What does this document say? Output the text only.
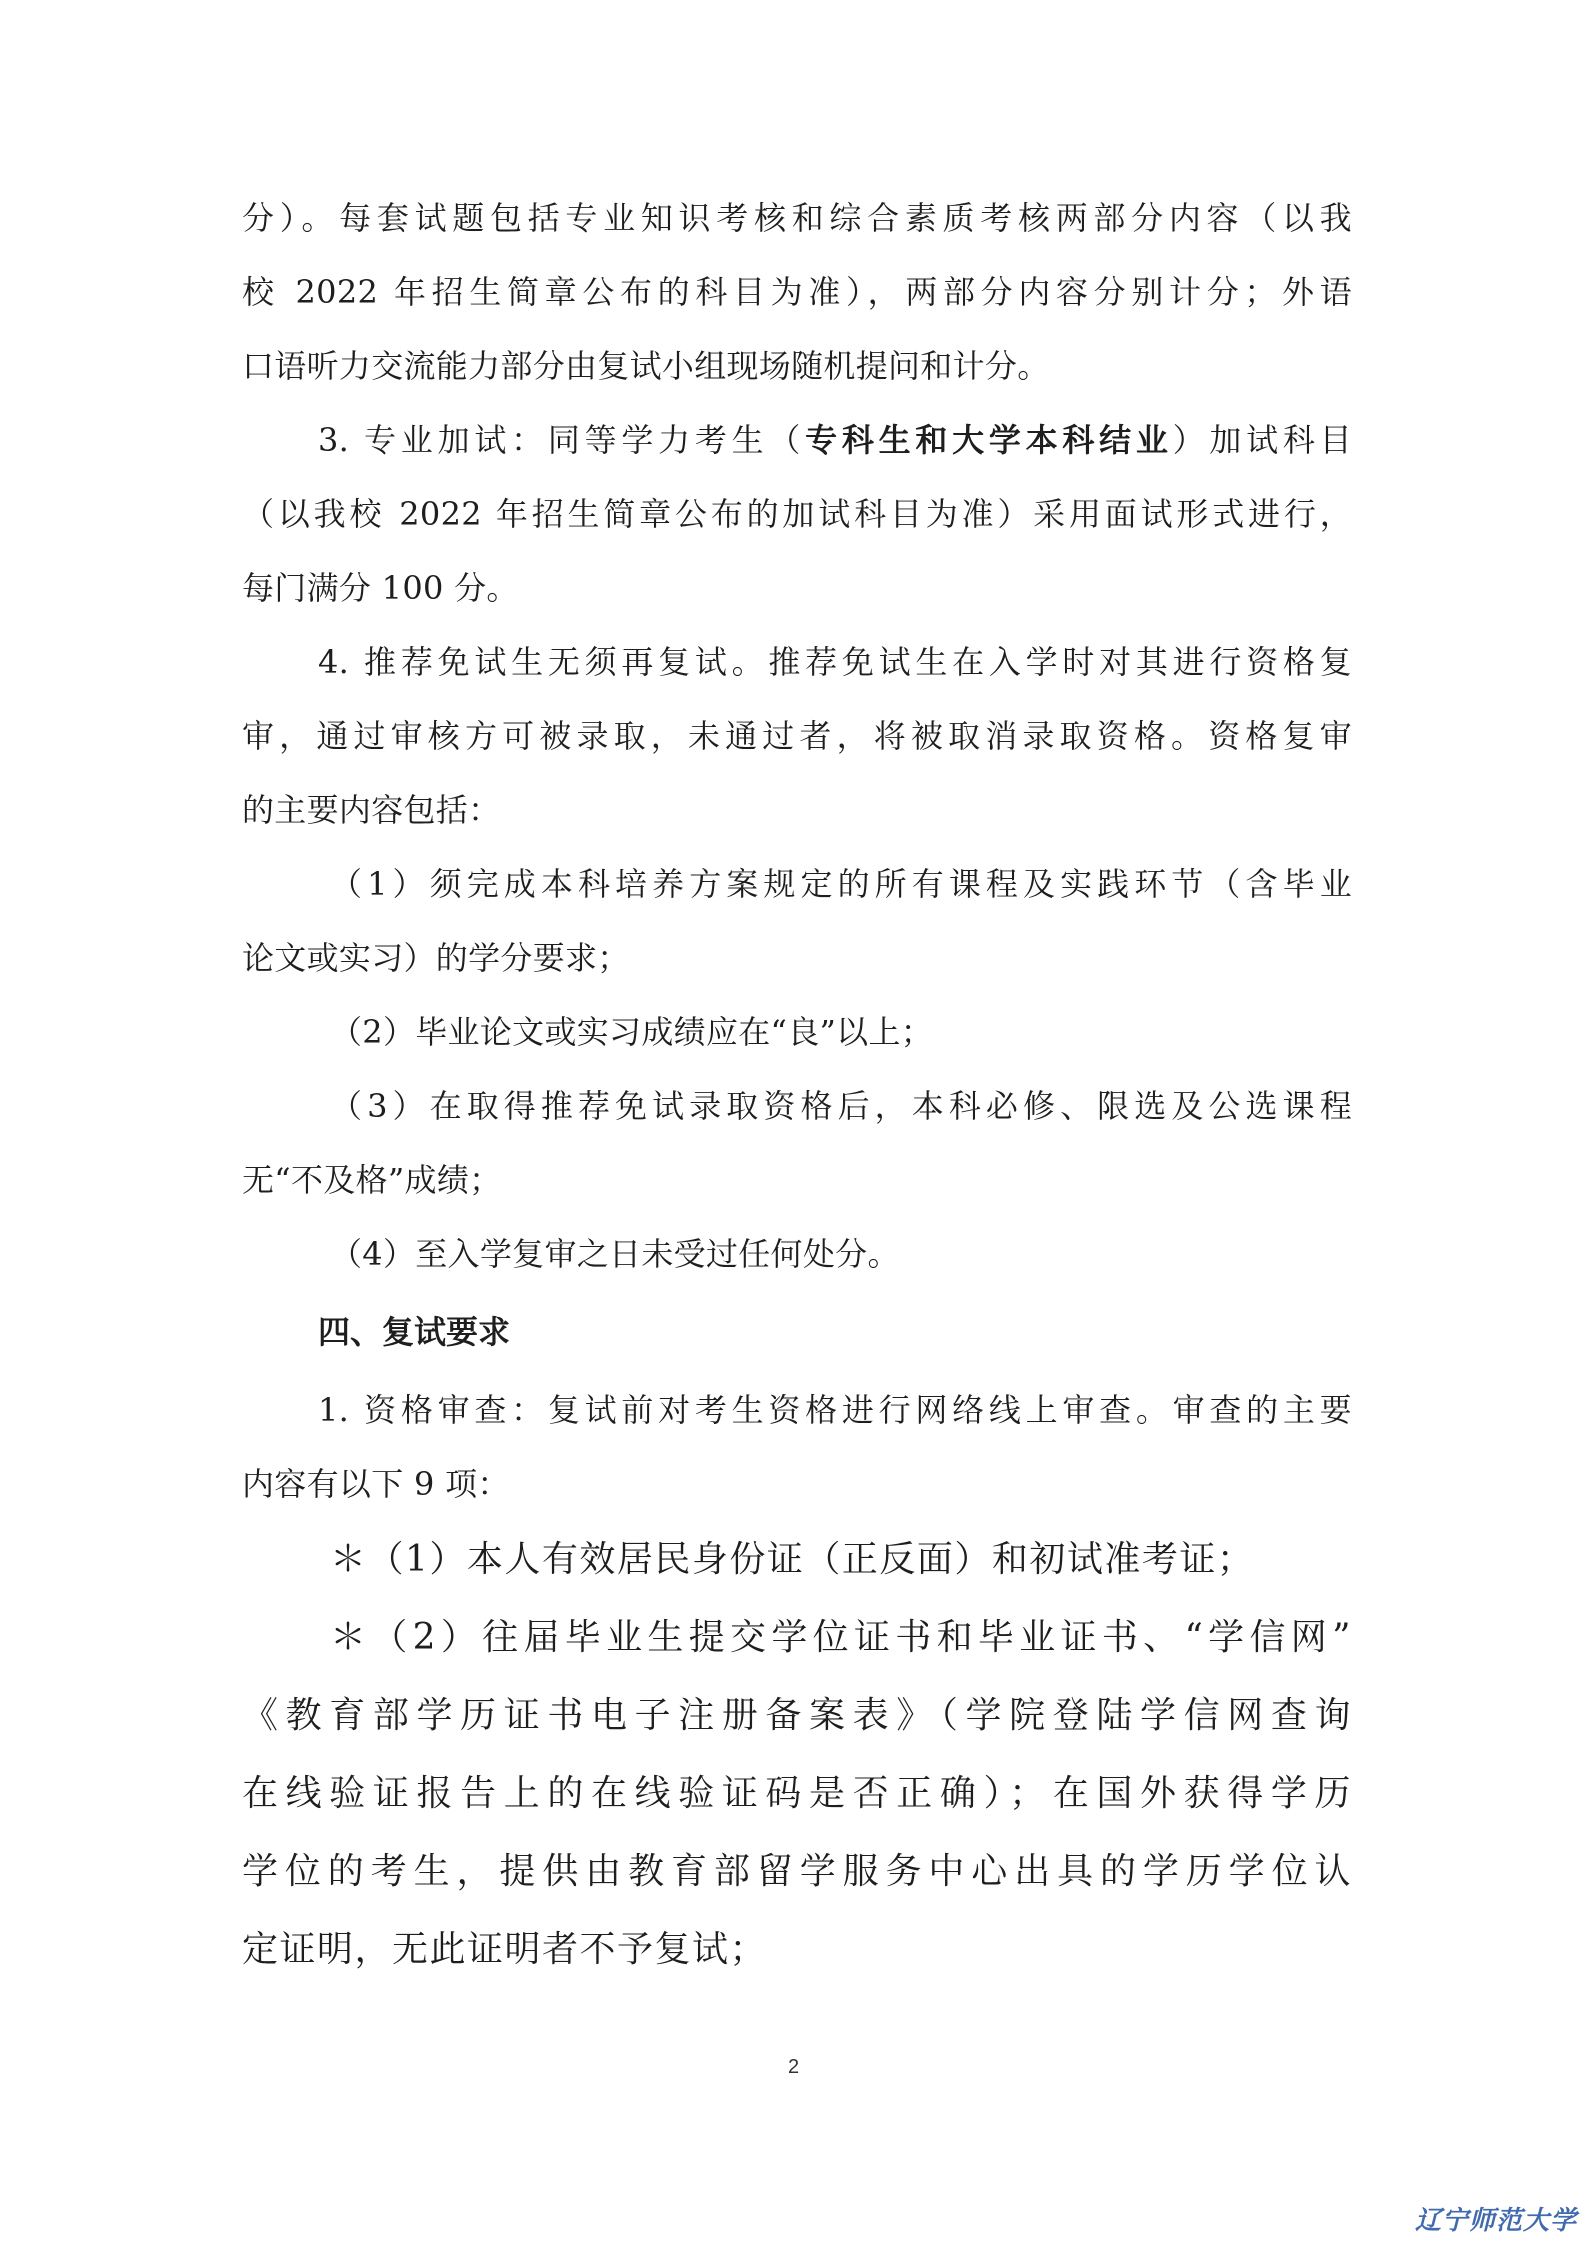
分）。每套试题包括专业知识考核和综合素质考核两部分内容（以我
校 2022 年招生简章公布的科目为准），两部分内容分别计分；外语
口语听力交流能力部分由复试小组现场随机提问和计分。
3. 专业加试：同等学力考生（专科生和大学本科结业）加试科目
（以我校 2022 年招生简章公布的加试科目为准）采用面试形式进行，
每门满分 100 分。
4. 推荐免试生无须再复试。推荐免试生在入学时对其进行资格复
审，通过审核方可被录取，未通过者，将被取消录取资格。资格复审
的主要内容包括：
（1）须完成本科培养方案规定的所有课程及实践环节（含毕业
论文或实习）的学分要求；
（2）毕业论文或实习成绩应在“良”以上；
（3）在取得推荐免试录取资格后，本科必修、限选及公选课程
无“不及格”成绩；
（4）至入学复审之日未受过任何处分。
四、复试要求
1. 资格审查：复试前对考生资格进行网络线上审查。审查的主要
内容有以下 9 项：
＊（1）本人有效居民身份证（正反面）和初试准考证；
＊（2）往届毕业生提交学位证书和毕业证书、“学信网”
《教育部学历证书电子注册备案表》（学院登陆学信网查询
在线验证报告上的在线验证码是否正确）；在国外获得学历
学位的考生，提供由教育部留学服务中心出具的学历学位认
定证明，无此证明者不予复试；
2
辽宁师范大学
